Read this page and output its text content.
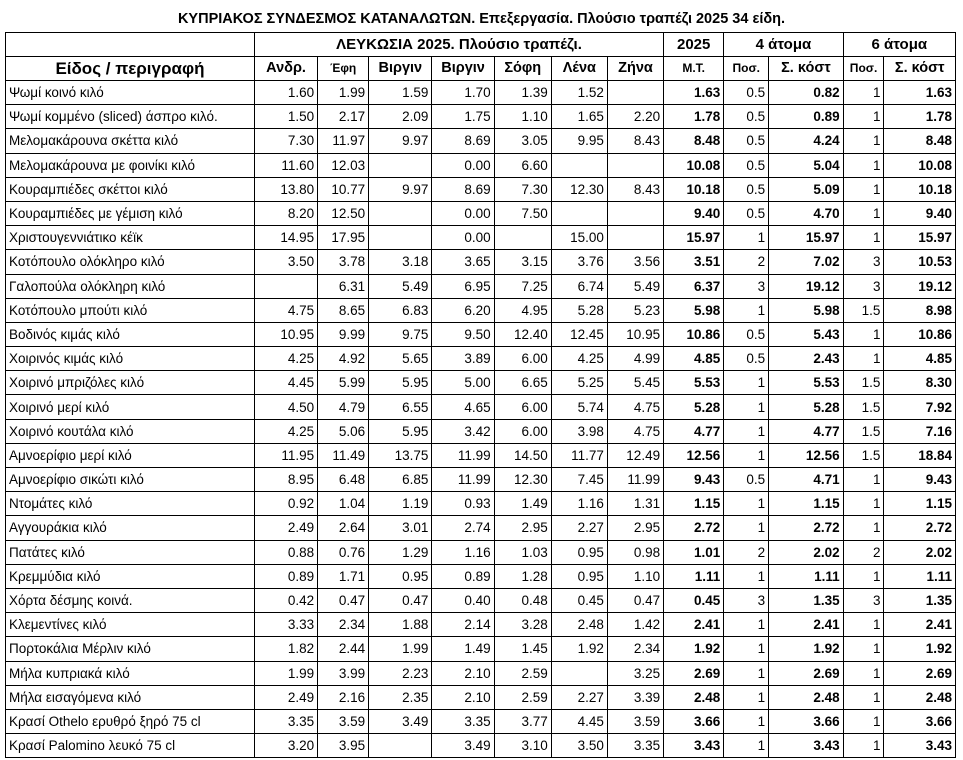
ΚΥΠΡΙΑΚΟΣ ΣΥΝΔΕΣΜΟΣ ΚΑΤΑΝΑΛΩΤΩΝ. Επεξεργασία. Πλούσιο τραπέζι 2025 34 είδη.
	ΛΕΥΚΩΣΙΑ 2025. Πλούσιο τραπέζι.							2025	4 άτομα		6 άτομα	
Είδος / περιγραφή	Ανδρ.	Έφη	Βιργιν	Βιργιν	Σόφη	Λένα	Ζήνα	Μ.Τ.	Ποσ.	Σ. κόστ	Ποσ.	Σ. κόστ
Ψωμί κοινό κιλό	1.60	1.99	1.59	1.70	1.39	1.52		1.63	0.5	0.82	1	1.63
Ψωμί κομμένο (sliced) άσπρο κιλό.	1.50	2.17	2.09	1.75	1.10	1.65	2.20	1.78	0.5	0.89	1	1.78
Μελομακάρουνα σκέττα κιλό	7.30	11.97	9.97	8.69	3.05	9.95	8.43	8.48	0.5	4.24	1	8.48
Μελομακάρουνα με φοινίκι κιλό	11.60	12.03		0.00	6.60			10.08	0.5	5.04	1	10.08
Κουραμπιέδες σκέττοι κιλό	13.80	10.77	9.97	8.69	7.30	12.30	8.43	10.18	0.5	5.09	1	10.18
Κουραμπιέδες με γέμιση κιλό	8.20	12.50		0.00	7.50			9.40	0.5	4.70	1	9.40
Χριστουγεννιάτικο κέϊκ	14.95	17.95		0.00		15.00		15.97	1	15.97	1	15.97
Κοτόπουλο ολόκληρο κιλό	3.50	3.78	3.18	3.65	3.15	3.76	3.56	3.51	2	7.02	3	10.53
Γαλοπούλα ολόκληρη κιλό		6.31	5.49	6.95	7.25	6.74	5.49	6.37	3	19.12	3	19.12
Κοτόπουλο μπούτι κιλό	4.75	8.65	6.83	6.20	4.95	5.28	5.23	5.98	1	5.98	1.5	8.98
Βοδινός κιμάς κιλό	10.95	9.99	9.75	9.50	12.40	12.45	10.95	10.86	0.5	5.43	1	10.86
Χοιρινός κιμάς κιλό	4.25	4.92	5.65	3.89	6.00	4.25	4.99	4.85	0.5	2.43	1	4.85
Χοιρινό μπριζόλες κιλό	4.45	5.99	5.95	5.00	6.65	5.25	5.45	5.53	1	5.53	1.5	8.30
Χοιρινό μερί κιλό	4.50	4.79	6.55	4.65	6.00	5.74	4.75	5.28	1	5.28	1.5	7.92
Χοιρινό κουτάλα κιλό	4.25	5.06	5.95	3.42	6.00	3.98	4.75	4.77	1	4.77	1.5	7.16
Αμνοερίφιο μερί κιλό	11.95	11.49	13.75	11.99	14.50	11.77	12.49	12.56	1	12.56	1.5	18.84
Αμνοερίφιο σικώτι κιλό	8.95	6.48	6.85	11.99	12.30	7.45	11.99	9.43	0.5	4.71	1	9.43
Ντομάτες κιλό	0.92	1.04	1.19	0.93	1.49	1.16	1.31	1.15	1	1.15	1	1.15
Αγγουράκια κιλό	2.49	2.64	3.01	2.74	2.95	2.27	2.95	2.72	1	2.72	1	2.72
Πατάτες κιλό	0.88	0.76	1.29	1.16	1.03	0.95	0.98	1.01	2	2.02	2	2.02
Κρεμμύδια κιλό	0.89	1.71	0.95	0.89	1.28	0.95	1.10	1.11	1	1.11	1	1.11
Χόρτα δέσμης κοινά.	0.42	0.47	0.47	0.40	0.48	0.45	0.47	0.45	3	1.35	3	1.35
Κλεμεντίνες κιλό	3.33	2.34	1.88	2.14	3.28	2.48	1.42	2.41	1	2.41	1	2.41
Πορτοκάλια Μέρλιν κιλό	1.82	2.44	1.99	1.49	1.45	1.92	2.34	1.92	1	1.92	1	1.92
Μήλα κυπριακά κιλό	1.99	3.99	2.23	2.10	2.59		3.25	2.69	1	2.69	1	2.69
Μήλα εισαγόμενα κιλό	2.49	2.16	2.35	2.10	2.59	2.27	3.39	2.48	1	2.48	1	2.48
Κρασί Othelo ερυθρό ξηρό 75 cl	3.35	3.59	3.49	3.35	3.77	4.45	3.59	3.66	1	3.66	1	3.66
Κρασί Palomino λευκό 75 cl	3.20	3.95		3.49	3.10	3.50	3.35	3.43	1	3.43	1	3.43
